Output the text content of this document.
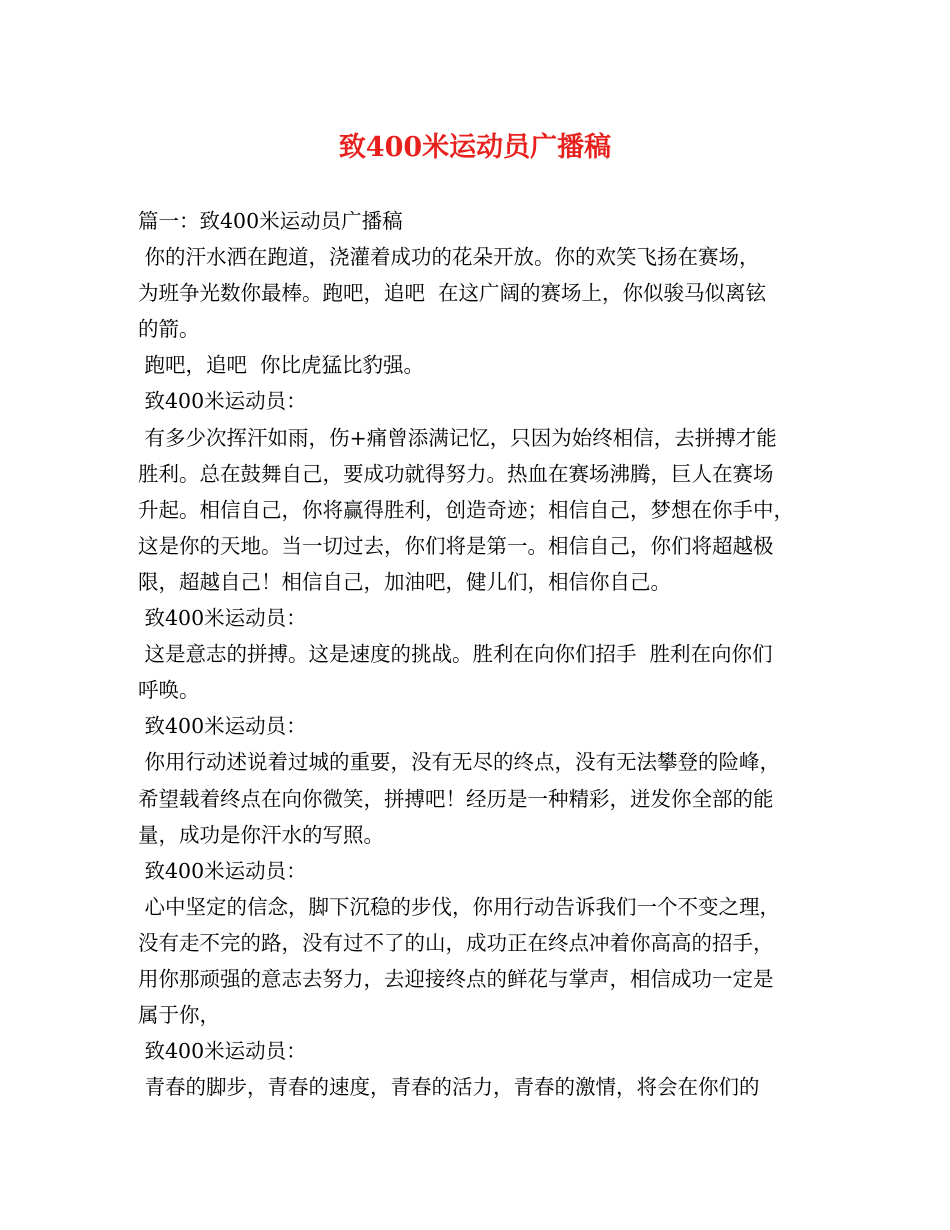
致400米运动员广播稿
篇一：致400米运动员广播稿
你的汗水洒在跑道，浇灌着成功的花朵开放。你的欢笑飞扬在赛场，
为班争光数你最棒。跑吧，追吧  在这广阔的赛场上，你似骏马似离铉
的箭。
跑吧，追吧  你比虎猛比豹强。
致400米运动员：
有多少次挥汗如雨，伤+痛曾添满记忆，只因为始终相信，去拼搏才能
胜利。总在鼓舞自己，要成功就得努力。热血在赛场沸腾，巨人在赛场
升起。相信自己，你将赢得胜利，创造奇迹；相信自己，梦想在你手中，
这是你的天地。当一切过去，你们将是第一。相信自己，你们将超越极
限，超越自己！相信自己，加油吧，健儿们，相信你自己。
致400米运动员：
这是意志的拼搏。这是速度的挑战。胜利在向你们招手  胜利在向你们
呼唤。
致400米运动员：
你用行动述说着过城的重要，没有无尽的终点，没有无法攀登的险峰，
希望载着终点在向你微笑，拼搏吧！经历是一种精彩，迸发你全部的能
量，成功是你汗水的写照。
致400米运动员：
心中坚定的信念，脚下沉稳的步伐，你用行动告诉我们一个不变之理，
没有走不完的路，没有过不了的山，成功正在终点冲着你高高的招手，
用你那顽强的意志去努力，去迎接终点的鲜花与掌声，相信成功一定是
属于你，
致400米运动员：
青春的脚步，青春的速度，青春的活力，青春的激情，将会在你们的
